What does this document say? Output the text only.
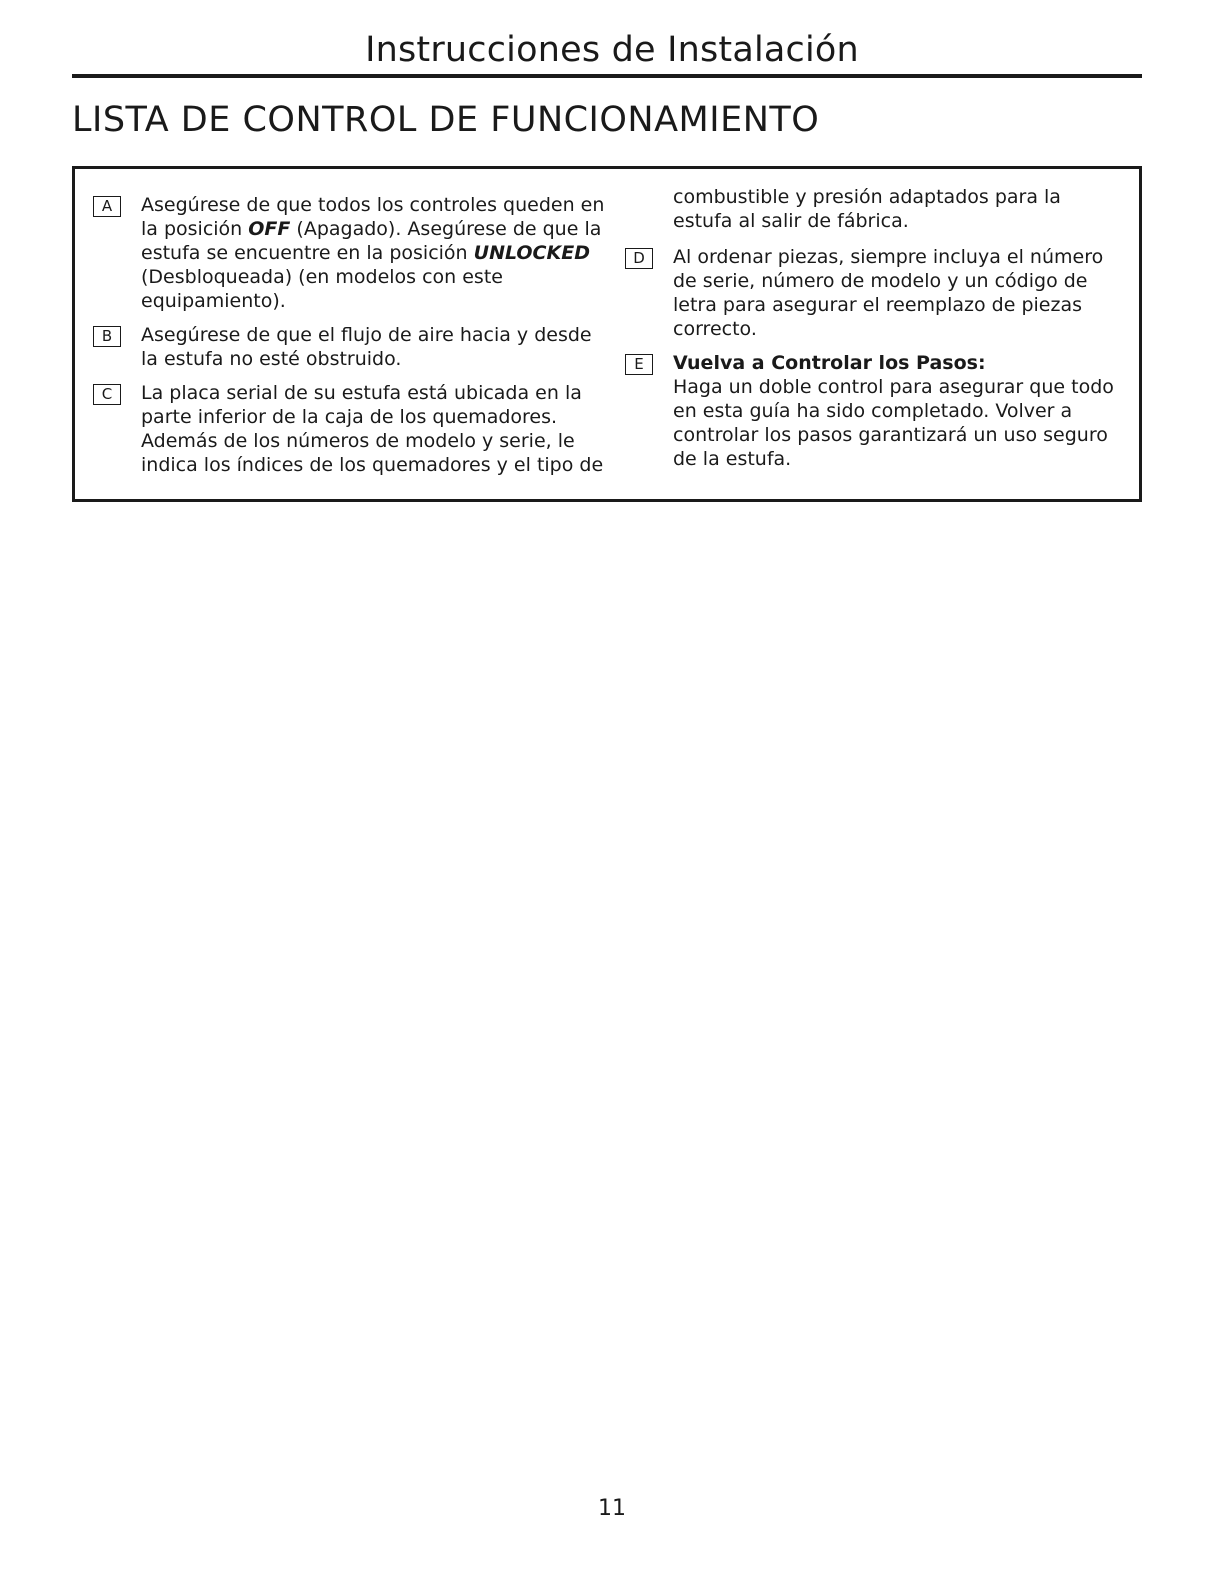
Instrucciones de Instalación
LISTA DE CONTROL DE FUNCIONAMIENTO
A	Asegúrese de que todos los controles queden en la posición OFF (Apagado). Asegúrese de que la estufa se encuentre en la posición UNLOCKED (Desbloqueada) (en modelos con este equipamiento).
B	Asegúrese de que el flujo de aire hacia y desde la estufa no esté obstruido.
C	La placa serial de su estufa está ubicada en la parte inferior de la caja de los quemadores. Además de los números de modelo y serie, le indica los índices de los quemadores y el tipo de
combustible y presión adaptados para la estufa al salir de fábrica.
D	Al ordenar piezas, siempre incluya el número de serie, número de modelo y un código de letra para asegurar el reemplazo de piezas correcto.
E	Vuelva a Controlar los Pasos:
Haga un doble control para asegurar que todo en esta guía ha sido completado. Volver a controlar los pasos garantizará un uso seguro de la estufa.
11
